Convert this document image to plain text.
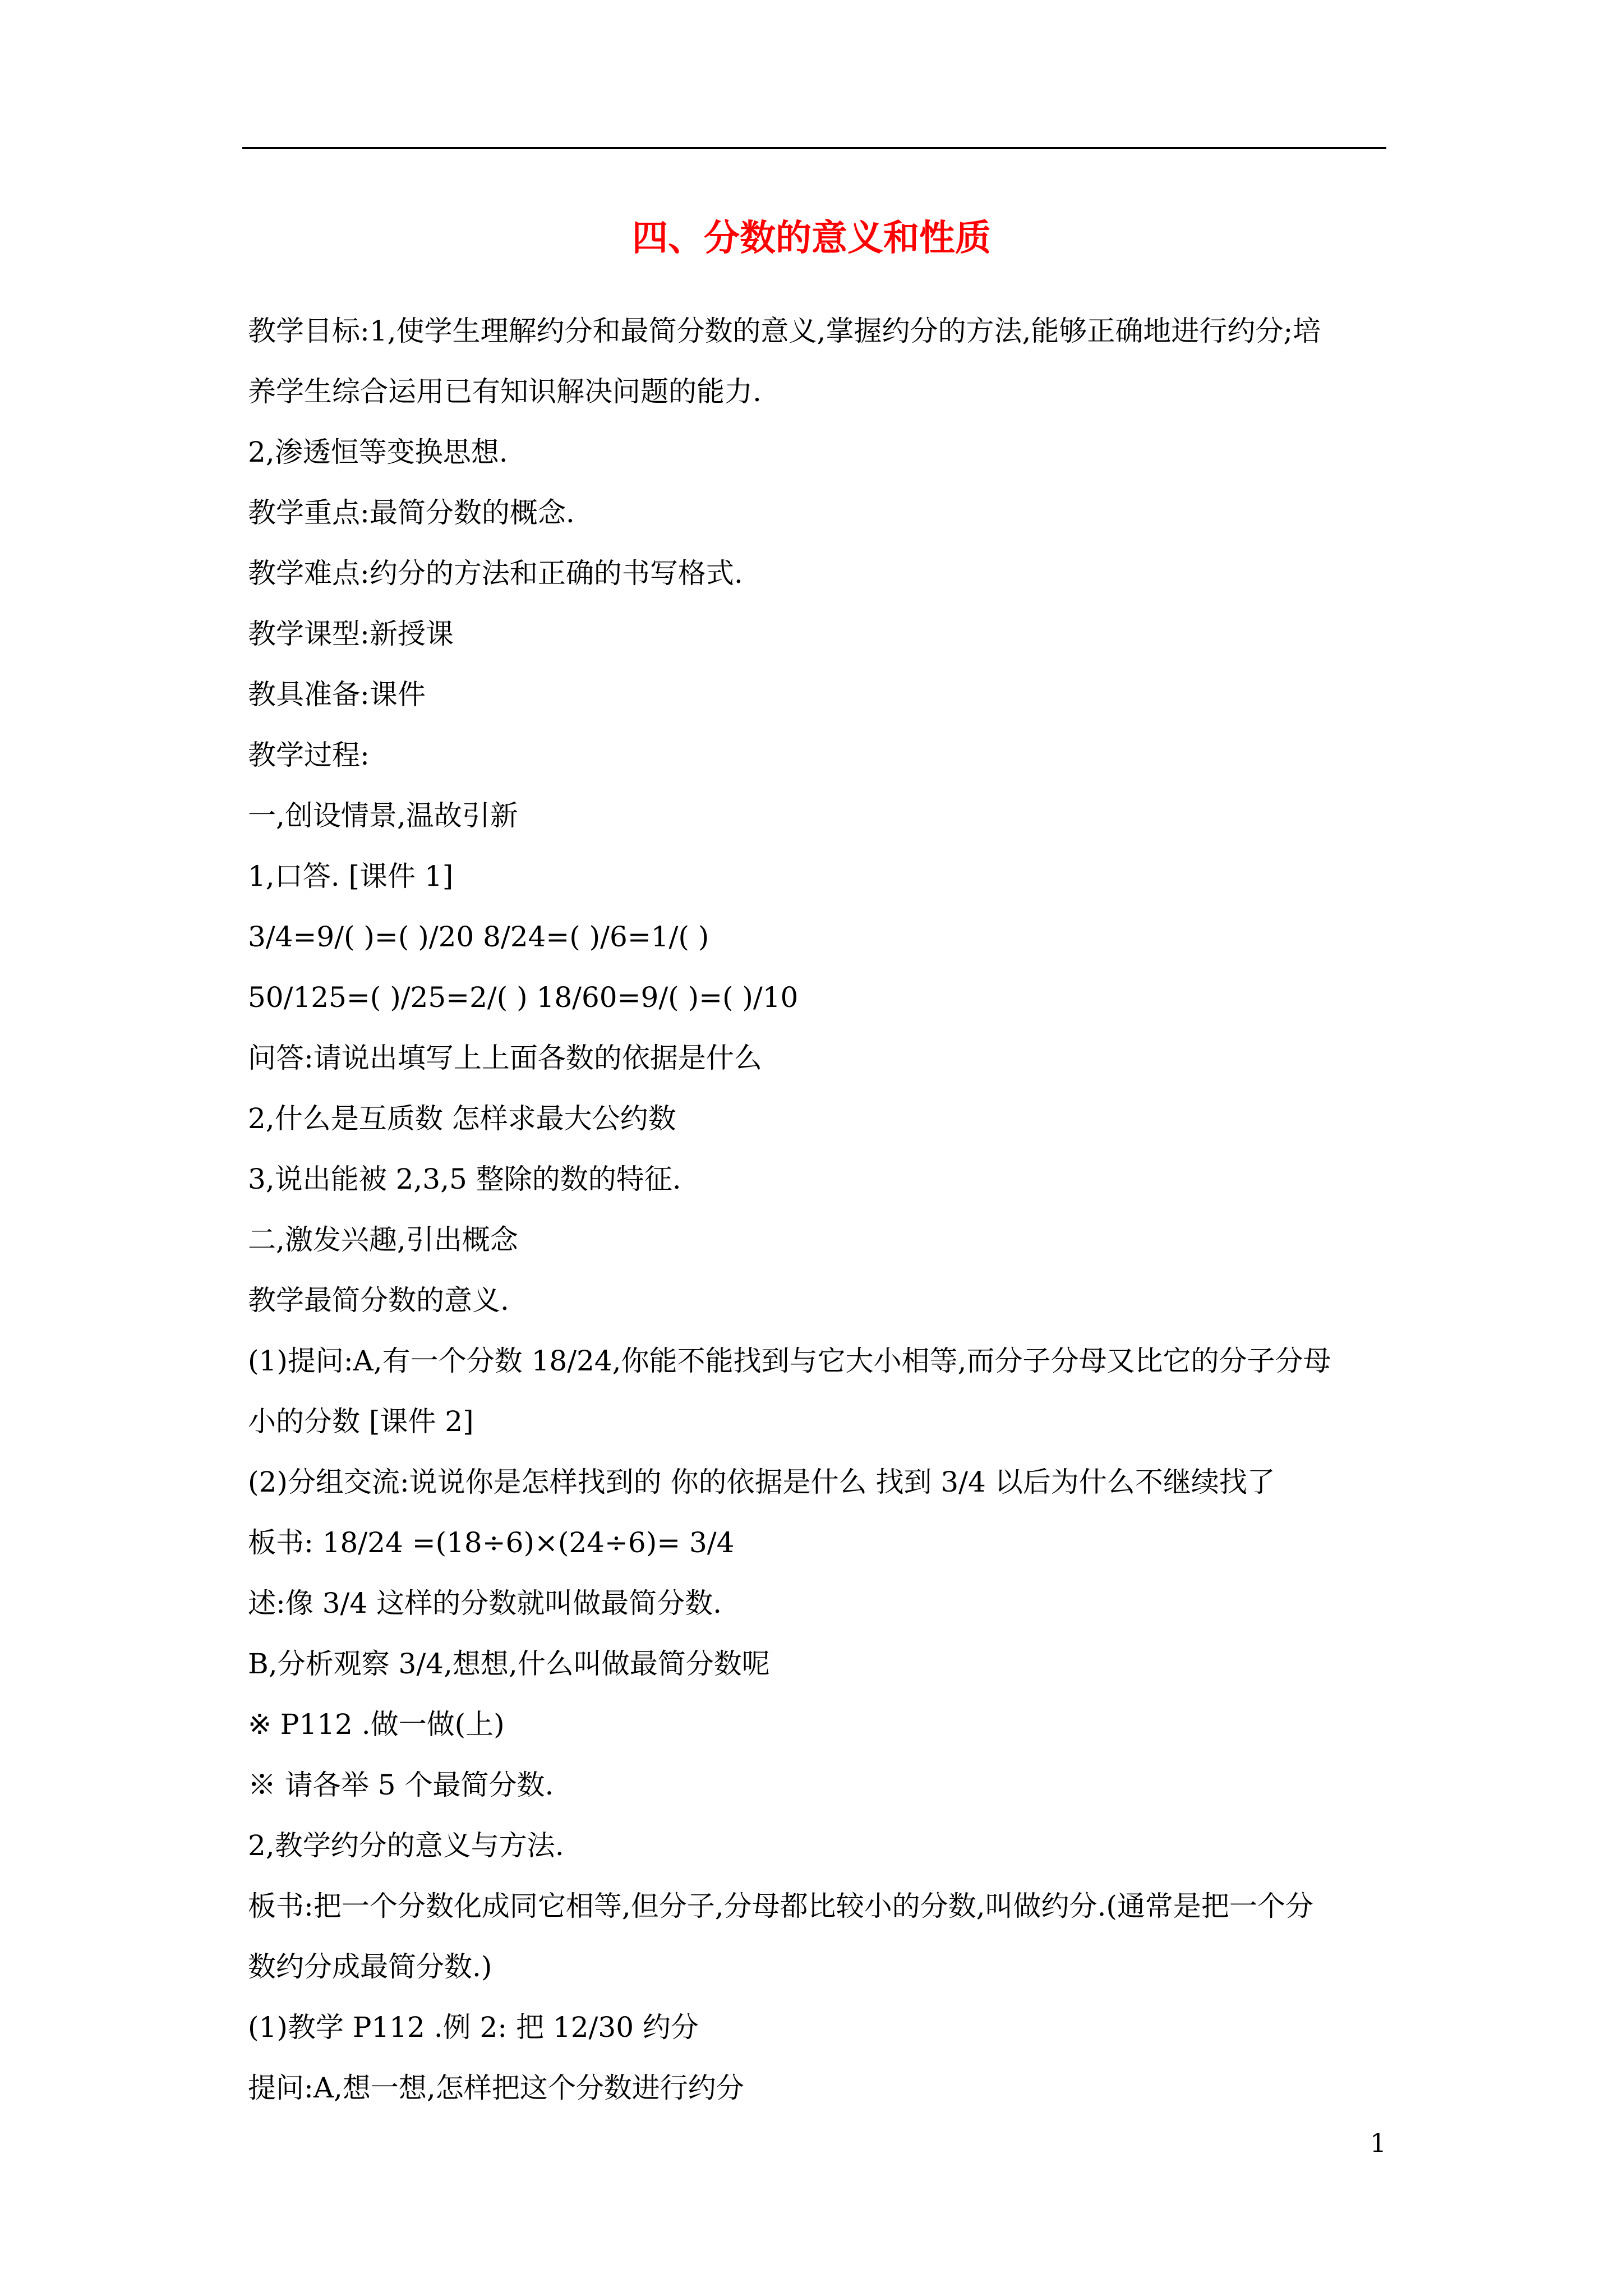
四、分数的意义和性质
教学目标:1,使学生理解约分和最简分数的意义,掌握约分的方法,能够正确地进行约分;培
养学生综合运用已有知识解决问题的能力.
2,渗透恒等变换思想.
教学重点:最简分数的概念.
教学难点:约分的方法和正确的书写格式.
教学课型:新授课
教具准备:课件
教学过程:
一,创设情景,温故引新
1,口答. [课件 1]
3/4=9/( )=( )/20 8/24=( )/6=1/( )
50/125=( )/25=2/( ) 18/60=9/( )=( )/10
问答:请说出填写上上面各数的依据是什么
2,什么是互质数 怎样求最大公约数
3,说出能被 2,3,5 整除的数的特征.
二,激发兴趣,引出概念
教学最简分数的意义.
(1)提问:A,有一个分数 18/24,你能不能找到与它大小相等,而分子分母又比它的分子分母
小的分数 [课件 2]
(2)分组交流:说说你是怎样找到的 你的依据是什么 找到 3/4 以后为什么不继续找了
板书: 18/24 =(18÷6)×(24÷6)= 3/4
述:像 3/4 这样的分数就叫做最简分数.
B,分析观察 3/4,想想,什么叫做最简分数呢
※ P112 .做一做(上)
※ 请各举 5 个最简分数.
2,教学约分的意义与方法.
板书:把一个分数化成同它相等,但分子,分母都比较小的分数,叫做约分.(通常是把一个分
数约分成最简分数.)
(1)教学 P112 .例 2: 把 12/30 约分
提问:A,想一想,怎样把这个分数进行约分
1
